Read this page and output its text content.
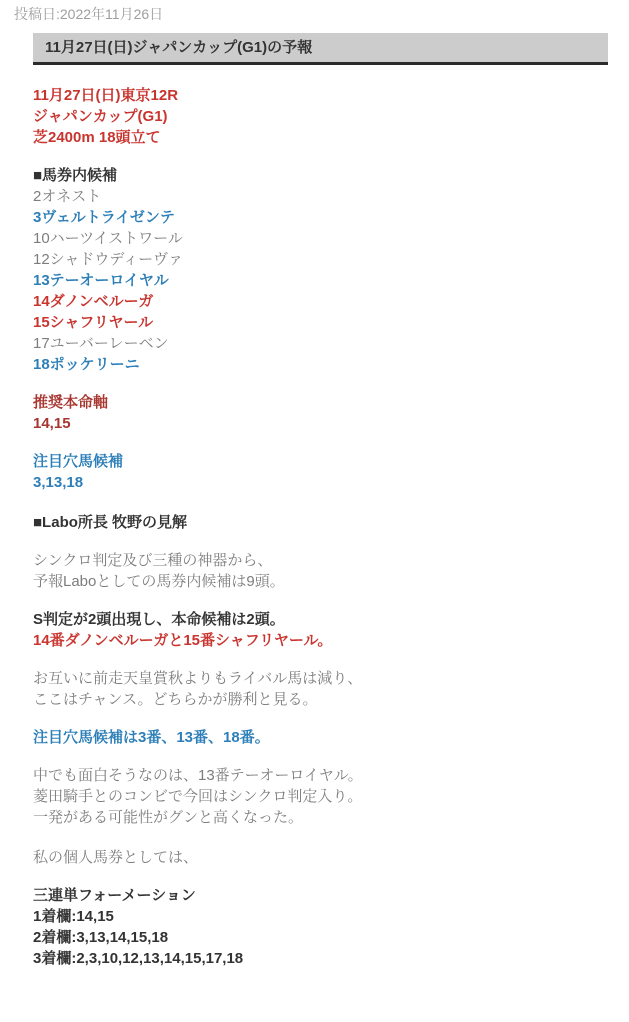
投稿日:2022年11月26日
11月27日(日)ジャパンカップ(G1)の予報

11月27日(日)東京12R
ジャパンカップ(G1)
芝2400m 18頭立て

■馬券内候補
2オネスト
3ヴェルトライゼンテ
10ハーツイストワール
12シャドウディーヴァ
13テーオーロイヤル
14ダノンベルーガ
15シャフリヤール
17ユーバーレーベン
18ポッケリーニ

推奨本命軸
14,15

注目穴馬候補
3,13,18

■Labo所長 牧野の見解

シンクロ判定及び三種の神器から、
予報Laboとしての馬券内候補は9頭。

S判定が2頭出現し、本命候補は2頭。
14番ダノンベルーガと15番シャフリヤール。

お互いに前走天皇賞秋よりもライバル馬は減り、
ここはチャンス。どちらかが勝利と見る。

注目穴馬候補は3番、13番、18番。

中でも面白そうなのは、13番テーオーロイヤル。
菱田騎手とのコンビで今回はシンクロ判定入り。
一発がある可能性がグンと高くなった。

私の個人馬券としては、

三連単フォーメーション
1着欄:14,15
2着欄:3,13,14,15,18
3着欄:2,3,10,12,13,14,15,17,18
